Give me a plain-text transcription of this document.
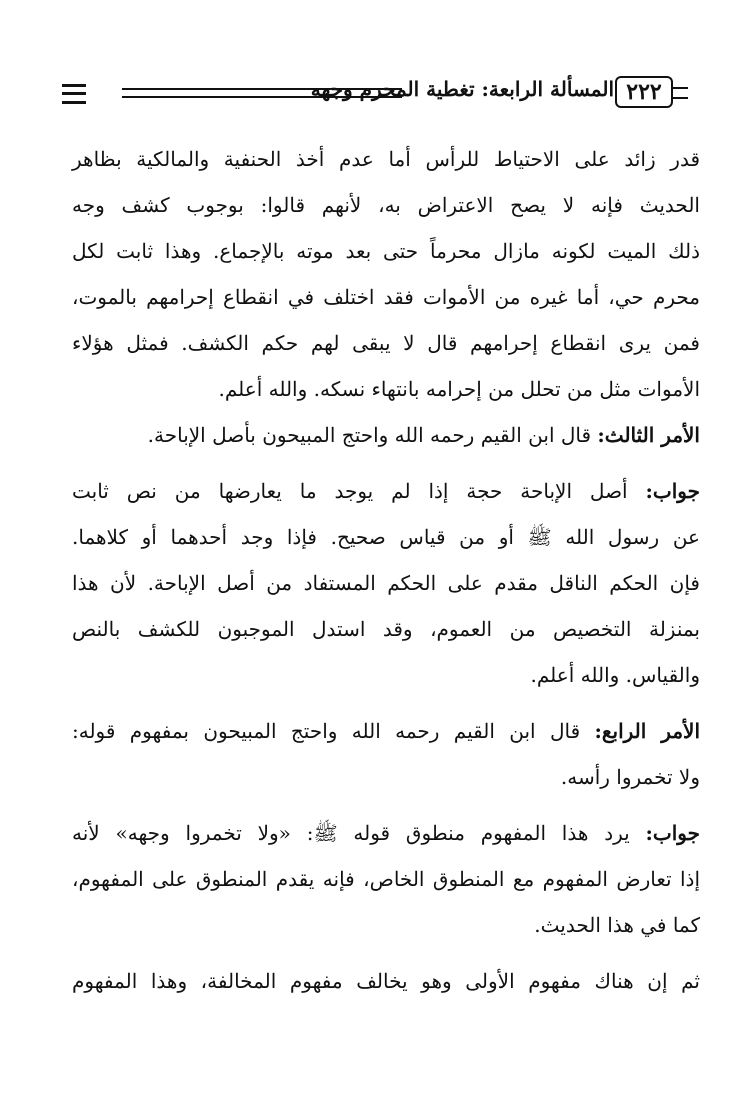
المسألة الرابعة: تغطية المحرم وجهه ٢٢٢
قدر زائد على الاحتياط للرأس أما عدم أخذ الحنفية والمالكية بظاهر
الحديث فإنه لا يصح الاعتراض به، لأنهم قالوا: بوجوب كشف وجه
ذلك الميت لكونه مازال محرماً حتى بعد موته بالإجماع. وهذا ثابت لكل
محرم حي، أما غيره من الأموات فقد اختلف في انقطاع إحرامهم بالموت،
فمن يرى انقطاع إحرامهم قال لا يبقى لهم حكم الكشف. فمثل هؤلاء
الأموات مثل من تحلل من إحرامه بانتهاء نسكه. والله أعلم.
الأمر الثالث: قال ابن القيم رحمه الله واحتج المبيحون بأصل الإباحة.
جواب: أصل الإباحة حجة إذا لم يوجد ما يعارضها من نص ثابت
عن رسول الله ﷺ أو من قياس صحيح. فإذا وجد أحدهما أو كلاهما.
فإن الحكم الناقل مقدم على الحكم المستفاد من أصل الإباحة. لأن هذا
بمنزلة التخصيص من العموم، وقد استدل الموجبون للكشف بالنص
والقياس. والله أعلم.
الأمر الرابع: قال ابن القيم رحمه الله واحتج المبيحون بمفهوم قوله:
ولا تخمروا رأسه.
جواب: يرد هذا المفهوم منطوق قوله ﷺ: «ولا تخمروا وجهه» لأنه
إذا تعارض المفهوم مع المنطوق الخاص، فإنه يقدم المنطوق على المفهوم،
كما في هذا الحديث.
ثم إن هناك مفهوم الأولى وهو يخالف مفهوم المخالفة، وهذا المفهوم
